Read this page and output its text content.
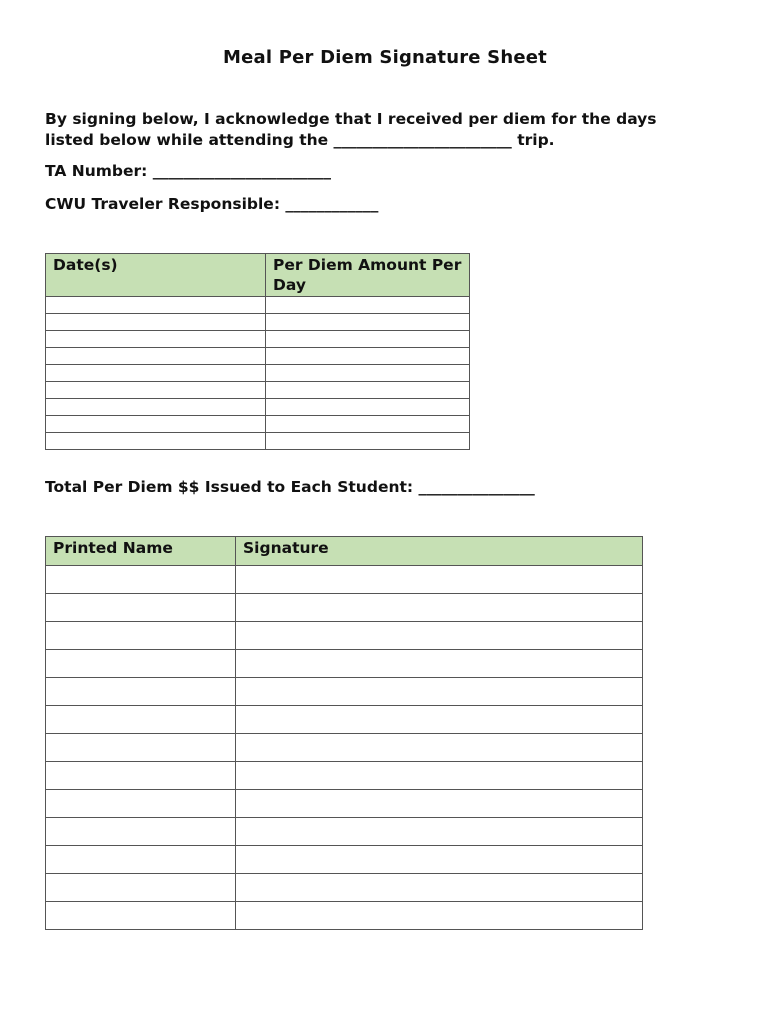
Meal Per Diem Signature Sheet
By signing below, I acknowledge that I received per diem for the days
listed below while attending the _______________________ trip.
TA Number: _______________________
CWU Traveler Responsible: ____________
Date(s)	Per Diem Amount Per Day

Total Per Diem $$ Issued to Each Student: _______________
Printed Name	Signature
